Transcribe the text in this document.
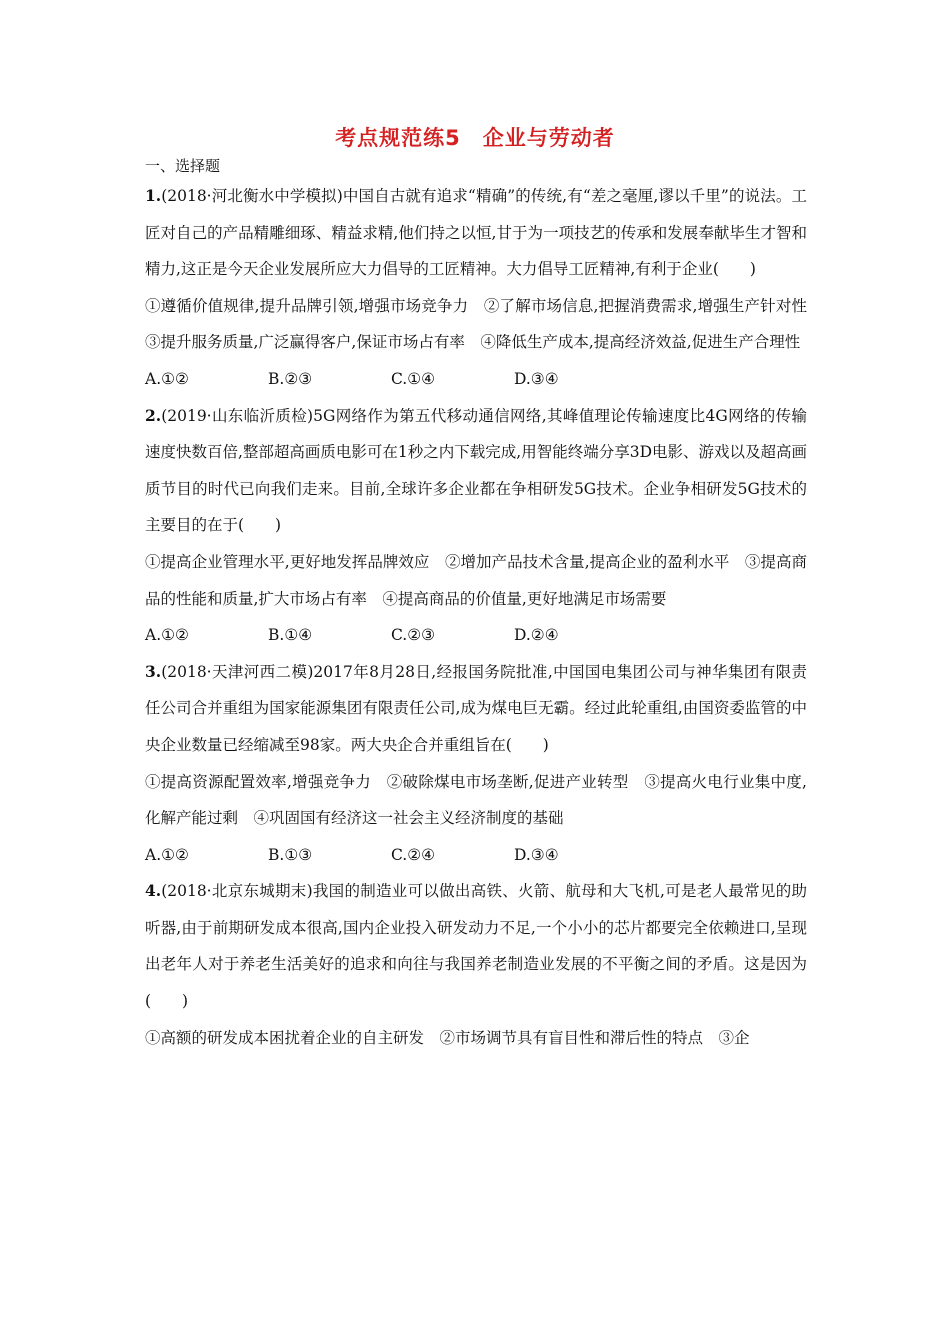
考点规范练5　企业与劳动者
一、选择题

1.(2018·河北衡水中学模拟)中国自古就有追求“精确”的传统,有“差之毫厘,谬以千里”的说法。工匠对自己的产品精雕细琢、精益求精,他们持之以恒,甘于为一项技艺的传承和发展奉献毕生才智和精力,这正是今天企业发展所应大力倡导的工匠精神。大力倡导工匠精神,有利于企业(　　)

①遵循价值规律,提升品牌引领,增强市场竞争力　②了解市场信息,把握消费需求,增强生产针对性　③提升服务质量,广泛赢得客户,保证市场占有率　④降低生产成本,提高经济效益,促进生产合理性

A.①②	B.②③	C.①④	D.③④

2.(2019·山东临沂质检)5G网络作为第五代移动通信网络,其峰值理论传输速度比4G网络的传输速度快数百倍,整部超高画质电影可在1秒之内下载完成,用智能终端分享3D电影、游戏以及超高画质节目的时代已向我们走来。目前,全球许多企业都在争相研发5G技术。企业争相研发5G技术的主要目的在于(　　)

①提高企业管理水平,更好地发挥品牌效应　②增加产品技术含量,提高企业的盈利水平　③提高商品的性能和质量,扩大市场占有率　④提高商品的价值量,更好地满足市场需要

A.①②	B.①④	C.②③	D.②④

3.(2018·天津河西二模)2017年8月28日,经报国务院批准,中国国电集团公司与神华集团有限责任公司合并重组为国家能源集团有限责任公司,成为煤电巨无霸。经过此轮重组,由国资委监管的中央企业数量已经缩减至98家。两大央企合并重组旨在(　　)

①提高资源配置效率,增强竞争力　②破除煤电市场垄断,促进产业转型　③提高火电行业集中度,化解产能过剩　④巩固国有经济这一社会主义经济制度的基础

A.①②	B.①③	C.②④	D.③④

4.(2018·北京东城期末)我国的制造业可以做出高铁、火箭、航母和大飞机,可是老人最常见的助听器,由于前期研发成本很高,国内企业投入研发动力不足,一个小小的芯片都要完全依赖进口,呈现出老年人对于养老生活美好的追求和向往与我国养老制造业发展的不平衡之间的矛盾。这是因为(　　)

①高额的研发成本困扰着企业的自主研发　②市场调节具有盲目性和滞后性的特点　③企
